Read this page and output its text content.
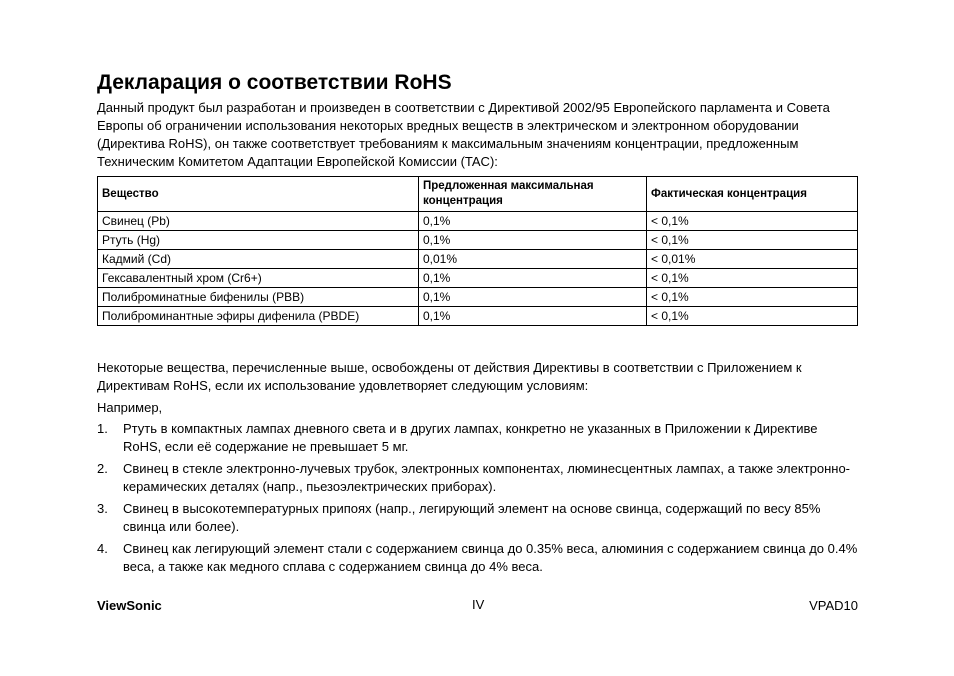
Декларация о соответствии RoHS

Данный продукт был разработан и произведен в соответствии с Директивой 2002/95 Европейского парламента и Совета Европы об ограничении использования некоторых вредных веществ в электрическом и электронном оборудовании (Директива RoHS), он также соответствует требованиям к максимальным значениям концентрации, предложенным Техническим Комитетом Адаптации Европейской Комиссии (TAC):

Вещество	Предложенная максимальная концентрация	Фактическая концентрация
Свинец (Pb)	0,1%	< 0,1%
Ртуть (Hg)	0,1%	< 0,1%
Кадмий (Cd)	0,01%	< 0,01%
Гексавалентный хром (Cr6+)	0,1%	< 0,1%
Полиброминатные бифенилы (PBB)	0,1%	< 0,1%
Полиброминантные эфиры дифенила (PBDE)	0,1%	< 0,1%

Некоторые вещества, перечисленные выше, освобождены от действия Директивы в соответствии с Приложением к Директивам RoHS, если их использование удовлетворяет следующим условиям:

Например,

1. Ртуть в компактных лампах дневного света и в других лампах, конкретно не указанных в Приложении к Директиве RoHS, если её содержание не превышает 5 мг.
2. Свинец в стекле электронно-лучевых трубок, электронных компонентах, люминесцентных лампах, а также электронно-керамических деталях (напр., пьезоэлектрических приборах).
3. Свинец в высокотемпературных припоях (напр., легирующий элемент на основе свинца, содержащий по весу 85% свинца или более).
4. Свинец как легирующий элемент стали с содержанием свинца до 0.35% веса, алюминия с содержанием свинца до 0.4% веса, а также как медного сплава с содержанием свинца до 4% веса.
ViewSonic	IV	VPAD10
